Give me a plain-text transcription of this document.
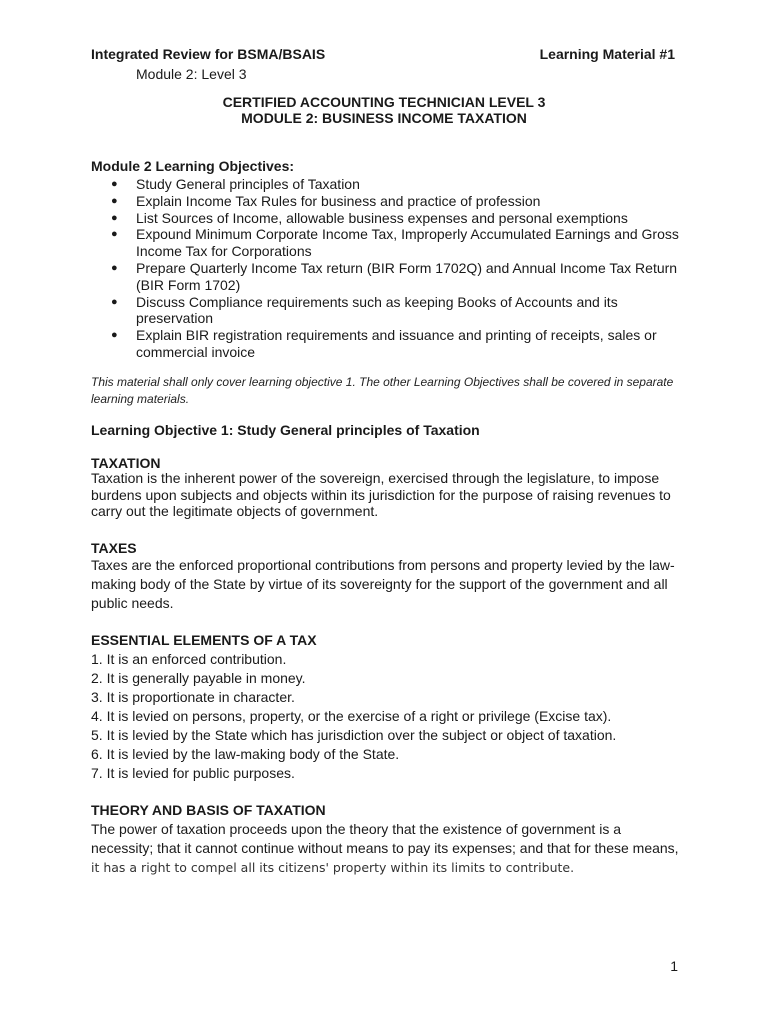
Integrated Review for BSMA/BSAIS	Learning Material #1
Module 2: Level 3
CERTIFIED ACCOUNTING TECHNICIAN LEVEL 3
MODULE 2: BUSINESS INCOME TAXATION
Module 2 Learning Objectives:
● Study General principles of Taxation
● Explain Income Tax Rules for business and practice of profession
● List Sources of Income, allowable business expenses and personal exemptions
● Expound Minimum Corporate Income Tax, Improperly Accumulated Earnings and Gross Income Tax for Corporations
● Prepare Quarterly Income Tax return (BIR Form 1702Q) and Annual Income Tax Return (BIR Form 1702)
● Discuss Compliance requirements such as keeping Books of Accounts and its preservation
● Explain BIR registration requirements and issuance and printing of receipts, sales or commercial invoice
This material shall only cover learning objective 1. The other Learning Objectives shall be covered in separate learning materials.
Learning Objective 1: Study General principles of Taxation
TAXATION
Taxation is the inherent power of the sovereign, exercised through the legislature, to impose burdens upon subjects and objects within its jurisdiction for the purpose of raising revenues to carry out the legitimate objects of government.
TAXES
Taxes are the enforced proportional contributions from persons and property levied by the law-making body of the State by virtue of its sovereignty for the support of the government and all public needs.
ESSENTIAL ELEMENTS OF A TAX
1. It is an enforced contribution.
2. It is generally payable in money.
3. It is proportionate in character.
4. It is levied on persons, property, or the exercise of a right or privilege (Excise tax).
5. It is levied by the State which has jurisdiction over the subject or object of taxation.
6. It is levied by the law-making body of the State.
7. It is levied for public purposes.
THEORY AND BASIS OF TAXATION
The power of taxation proceeds upon the theory that the existence of government is a necessity; that it cannot continue without means to pay its expenses; and that for these means, it has a right to compel all its citizens' property within its limits to contribute.
1
